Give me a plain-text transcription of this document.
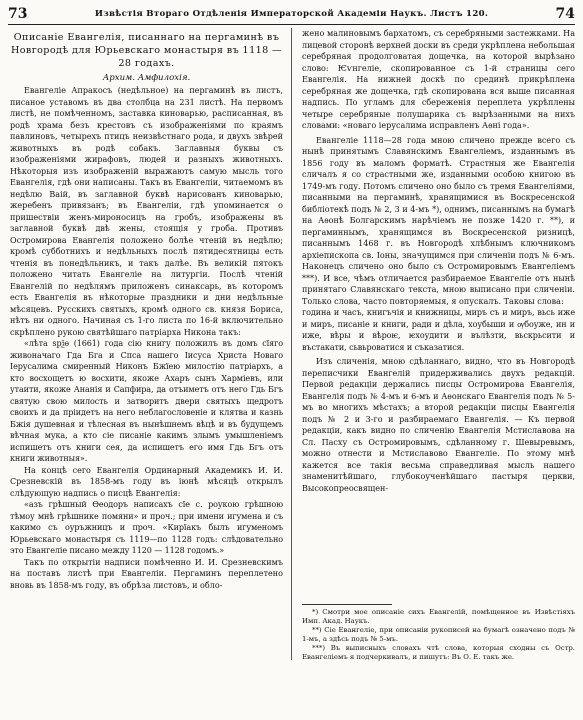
73	Извѣстія Втораго Отдѣленія Императорской Академіи Наукъ. Листъ 120.	74

Описаніе Евангелія, писаннаго на пергаминѣ въ Новгородѣ для Юрьевскаго монастыря въ 1118 — 28 годахъ.

Архим. Амфилохія.

Евангеліе Апракосъ (недѣльное) на пергаминѣ въ листъ, писаное уставомъ въ два столбца на 231 листѣ. На первомъ листѣ, не помѣченномъ, заставка киноварью, расписанная, въ родѣ храма безъ крестовъ съ изображеніями по краямъ павлиновъ, четырехъ птицъ неизвѣстнаго рода, и двухъ звѣрей животныхъ въ родѣ собакъ. Заглавныя буквы съ изображеніями жирафовъ, людей и разныхъ животныхъ. Нѣкоторыя изъ изображеній выражаютъ самую мысль того Евангелія, гдѣ они написаны. Такъ въ Евангеліи, читаемомъ въ недѣлю Ваій, въ заглавной буквѣ нарисованъ киноварью, жеребенъ привязанъ; въ Евангеліи, гдѣ упоминается о пришествіи женъ-мироносицъ на гробъ, изображены въ заглавной буквѣ двѣ жены, стоящія у гроба. Противъ Остромирова Евангелія положено болѣе чтеній въ недѣлю; кромѣ субботнихъ и недѣльныхъ послѣ пятидесятницы есть чтенія въ понедѣльникъ, и такъ далѣе. Въ великій пятокъ положено читать Евангеліе на литургіи. Послѣ чтеній Евангелій по недѣлямъ приложенъ синаксарь, въ которомъ есть Евангелія въ нѣкоторые праздники и дни недѣльные мѣсяцевъ. Русскихъ святыхъ, кромѣ одного св. князя Бориса, нѣтъ ни одного. Начиная съ 1-го листа по 16-й включительно скрѣплено рукою святѣйшаго патріарха Никона такъ:

«лѣта ѕрѯѳ (1661) года сію книгу положилъ въ домъ сїяго живоначаго Гда Бга и Спса нашего Іисуса Христа Новаго Іерусалима смиренный Никонъ Бжїею милостію патріархъ, а кто восхощетъ ю восхити, якоже Ахаръ сынъ Харміевъ, или утаити, якоже Ананія и Сапфира, да отъиметъ отъ него Гдь Бгъ святую свою милость и затворитъ двери святыхъ щедротъ своихъ и да пріидетъ на него неблагословеніе и клятва и казнь Бжія душевная и тѣлесная въ нынѣшнемъ вѣцѣ и въ будущемъ вѣчная мука, а кто сіе писаніе какимъ злымъ умышленіемъ испишетъ отъ книги сея, да испишетъ его имя Гдь Бгъ отъ книги животныя».

На концѣ сего Евангелія Ординарный Академикъ И. И. Срезневскій въ 1858-мъ году въ іюнѣ мѣсяцѣ открылъ слѣдующую надпись о писцѣ Евангелія:

«азъ грѣшный Ѳеодоръ написахъ сїе с. роукою грѣшною тѣмоу мнѣ грѣшнике помяни» и проч.; при имени игумена и съ какимо съ оуръжницъ и проч. «Кирїакъ былъ игуменомъ Юрьевскаго монастыря съ 1119—по 1128 годъ: слѣдовательно это Евангеліе писано между 1120 — 1128 годомъ.»

Такъ по открытіи надписи помѣченно И. И. Срезневскимъ на поставъ листѣ при Евангеліи. Пергаминъ переплетено вновь въ 1858-мъ году, въ обрѣза листовъ, и обло-

жено малиновымъ бархатомъ, съ серебряными застежками. На лицевой сторонѣ верхней доски въ среди укрѣплена небольшая серебряная продолговатая дощечка, на которой вырѣзано слово: Ѥѵнгеліе, скопированное съ 1-й страницы сего Евангелія. На нижней доскѣ по срединѣ прикрѣплена серебряная же дощечка, гдѣ скопирована вся выше писанная надпись. По угламъ для сбереженія переплета укрѣплены четыре серебряные полушарика съ вырѣзанными на нихъ словами: «новаго іерусалима исправленъ Аѳні года».

Евангеліе 1118—28 года мною сличено прежде всего съ нынѣ принятымъ Славянскимъ Евангеліемъ, изданнымъ въ 1856 году въ маломъ форматѣ. Страстныя же Евангелія сличалъ я со страстными же, изданными особою книгою въ 1749-мъ году. Потомъ сличено оно было съ тремя Евангеліями, писанными на пергаминѣ, хранящимися въ Воскресенской библіотекѣ подъ № 2, 3 и 4-мъ *), однимъ, писаннымъ на бумагѣ на Аѳонѣ Болгарскимъ нарѣчіемъ не позже 1420 г. **), и пергаминнымъ, хранящимся въ Воскресенской ризницѣ, писаннымъ 1468 г. въ Новгородѣ хлѣбнымъ ключникомъ архіепископа св. Іоны, значущимся при сличеніи подъ № 6-мъ. Наконецъ сличено оно было съ Остромировымъ Евангеліемъ ***). И все, чѣмъ отличается разбираемое Евангеліе отъ нынѣ принятаго Славянскаго текста, мною выписано при сличеніи. Только слова, часто повторяемыя, я опускалъ. Таковы слова:

година и часъ, книгъчія и книжницы, миръ съ и миръ, вьсь иже и миръ, писаніе и книги, ради и дѣла, хоубыши и ѹбоуже, ин и иже, вѣры и вѣроѥ, ѥхоудити и вълѣзти, вьскрьсити и въстакати, сьвьроватися и съказатися.

Изъ сличенія, мною сдѣланнаго, видно, что въ Новгородѣ переписчики Евангелій придерживались двухъ редакцій. Первой редакціи держались писцы Остромирова Евангелія, Евангелія подъ № 4-мъ и 6-мъ и Аѳонскаго Евангелія подъ № 5-мъ во многихъ мѣстахъ; а второй редакціи писцы Евангелія подъ № 2 и 3-го и разбираемаго Евангелія. — Къ первой редакціи, какъ видно по сличенію Евангелія Мстиславова на Сл. Пасху съ Остромировымъ, сдѣланному г. Шевыревымъ, можно отнести и Мстиславово Евангеліе. По этому мнѣ кажется все такія весьма справедливая мысль нашего знаменитѣйшаго, глубокоученѣйшаго пастыря церкви, Высокопреосвящен-

*) Смотри мое описаніе сихъ Евангелій, помѣщенное въ Извѣстіяхъ Имп. Акад. Наукъ.

**) Сіе Евангеліе, при описаніи рукописей на бумагѣ означено подъ № 1-мъ, а здѣсь подъ № 5-мъ.

***) Въ выписныхъ словахъ чтѣ слова, которыя сходны съ Остр. Евангеліемъ я подчеркивалъ, и пишутъ: Въ О. Е. такъ же.
